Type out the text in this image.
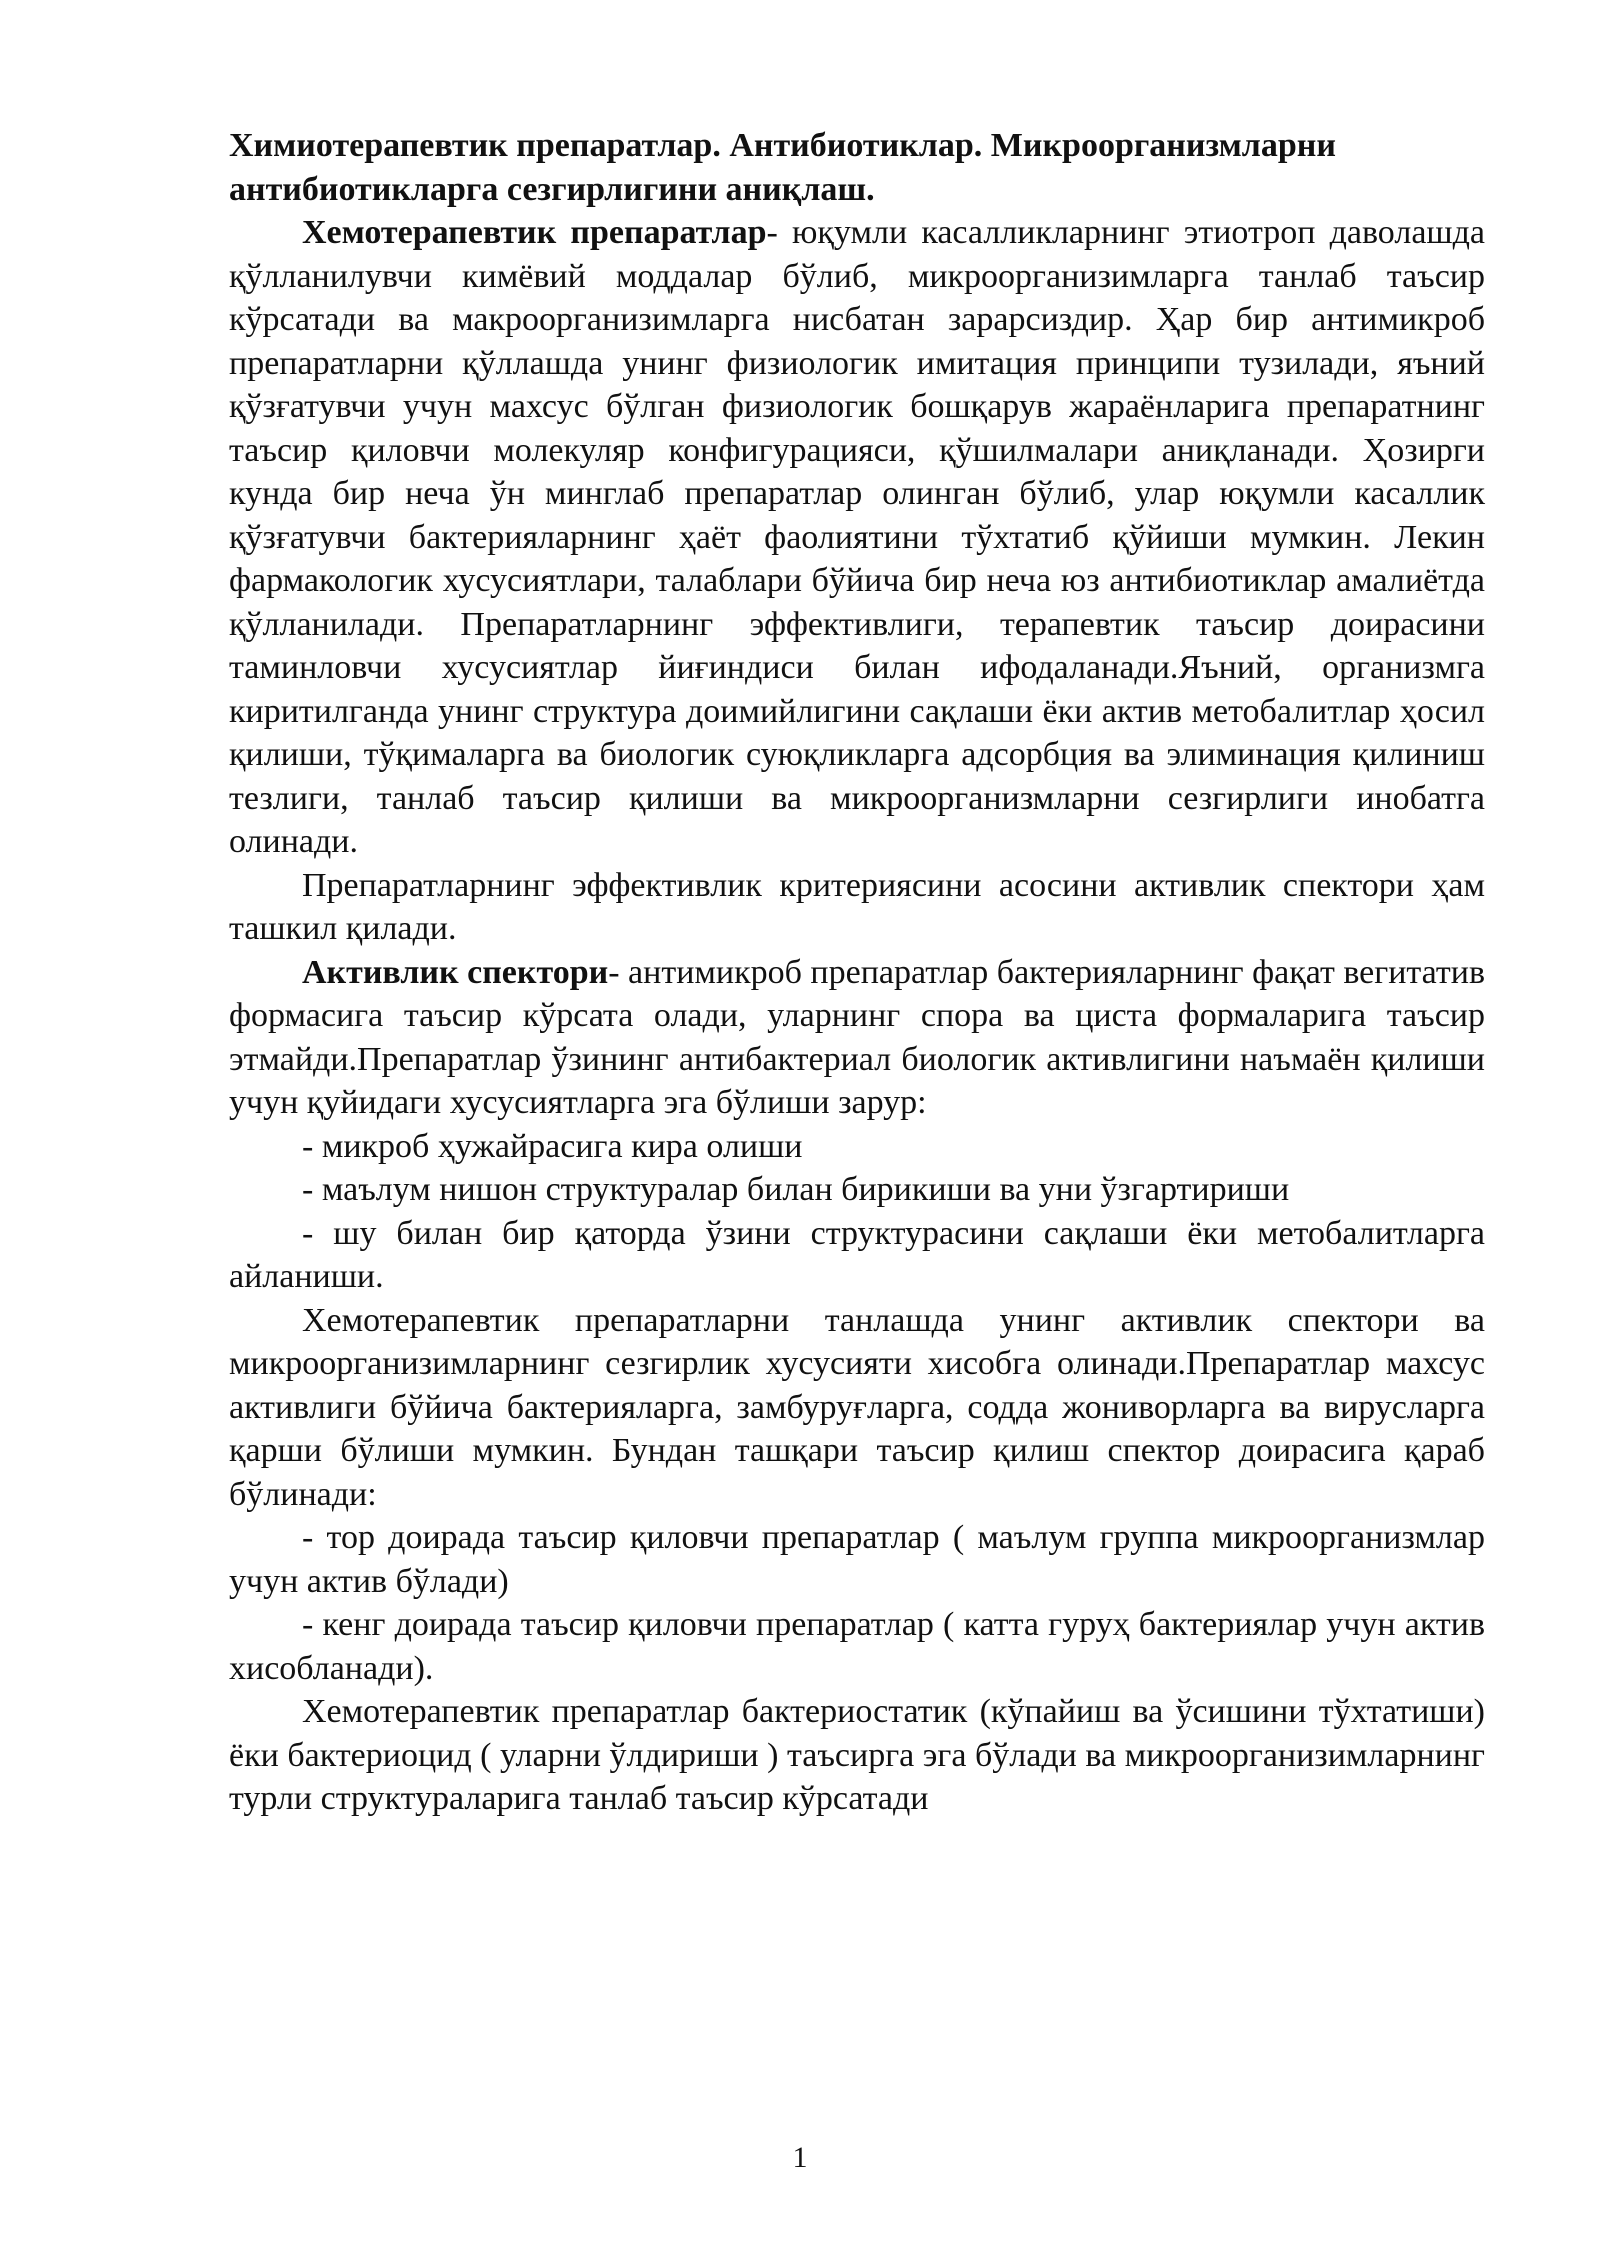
Химиотерапевтик препаратлар. Антибиотиклар. Микроорганизмларни антибиотикларга сезгирлигини аниқлаш.

Хемотерапевтик препаратлар- юқумли касалликларнинг этиотроп даволашда қўлланилувчи кимёвий моддалар бўлиб, микроорганизимларга танлаб таъсир кўрсатади ва макроорганизимларга нисбатан зарарсиздир. Ҳар бир антимикроб препаратларни қўллашда унинг физиологик имитация принципи тузилади, яъний қўзғатувчи учун махсус бўлган физиологик бошқарув жараёнларига препаратнинг таъсир қиловчи молекуляр конфигурацияси, қўшилмалари аниқланади. Ҳозирги кунда бир неча ўн минглаб препаратлар олинган бўлиб, улар юқумли касаллик қўзғатувчи бактерияларнинг ҳаёт фаолиятини тўхтатиб қўйиши мумкин. Лекин фармакологик хусусиятлари, талаблари бўйича бир неча юз антибиотиклар амалиётда қўлланилади. Препаратларнинг эффективлиги, терапевтик таъсир доирасини таминловчи хусусиятлар йиғиндиси билан ифодаланади.Яъний, организмга киритилганда унинг структура доимийлигини сақлаши ёки актив метобалитлар ҳосил қилиши, тўқималарга ва биологик суюқликларга адсорбция ва элиминация қилиниш тезлиги, танлаб таъсир қилиши ва микроорганизмларни сезгирлиги инобатга олинади.

Препаратларнинг эффективлик критериясини асосини активлик спектори ҳам ташкил қилади.

Активлик спектори- антимикроб препаратлар бактерияларнинг фақат вегитатив формасига таъсир кўрсата олади, уларнинг спора ва циста формаларига таъсир этмайди.Препаратлар ўзининг антибактериал биологик активлигини наъмаён қилиши учун қуйидаги хусусиятларга эга бўлиши зарур:

- микроб ҳужайрасига кира олиши

- маълум нишон структуралар билан бирикиши ва уни ўзгартириши

- шу билан бир қаторда ўзини структурасини сақлаши ёки метобалитларга айланиши.

Хемотерапевтик препаратларни танлашда унинг активлик спектори ва микроорганизимларнинг сезгирлик хусусияти хисобга олинади.Препаратлар махсус активлиги бўйича бактерияларга, замбуруғларга, содда жониворларга ва вирусларга қарши бўлиши мумкин. Бундан ташқари таъсир қилиш спектор доирасига қараб бўлинади:

- тор доирада таъсир қиловчи препаратлар ( маълум группа микроорганизмлар учун актив бўлади)

- кенг доирада таъсир қиловчи препаратлар ( катта гуруҳ бактериялар учун актив хисобланади).

Хемотерапевтик препаратлар бактериостатик (кўпайиш ва ўсишини тўхтатиши) ёки бактериоцид ( уларни ўлдириши ) таъсирга эга бўлади ва микроорганизимларнинг турли структураларига танлаб таъсир кўрсатади

1
